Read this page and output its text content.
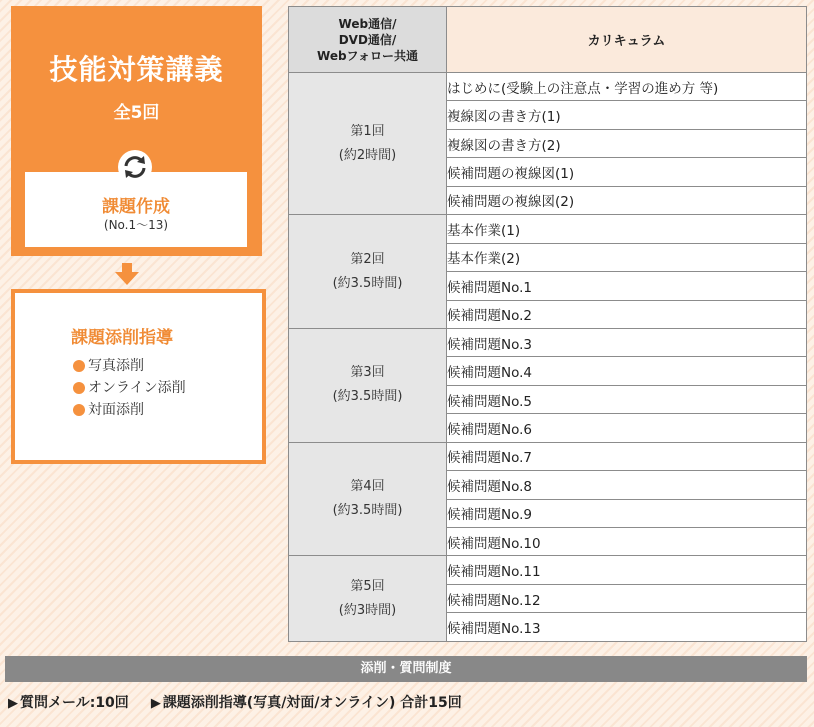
技能対策講義
全5回
課題作成
(No.1〜13)
課題添削指導
写真添削
オンライン添削
対面添削
Web通信/
DVD通信/
Webフォロー共通	カリキュラム

第1回
(約2時間)	はじめに(受験上の注意点・学習の進め方 等)
	複線図の書き方(1)
	複線図の書き方(2)
	候補問題の複線図(1)
	候補問題の複線図(2)

第2回
(約3.5時間)	基本作業(1)
	基本作業(2)
	候補問題No.1
	候補問題No.2

第3回
(約3.5時間)	候補問題No.3
	候補問題No.4
	候補問題No.5
	候補問題No.6

第4回
(約3.5時間)	候補問題No.7
	候補問題No.8
	候補問題No.9
	候補問題No.10

第5回
(約3時間)	候補問題No.11
	候補問題No.12
	候補問題No.13
添削・質問制度
▶ 質問メール:10回 ▶ 課題添削指導(写真/対面/オンライン) 合計15回
